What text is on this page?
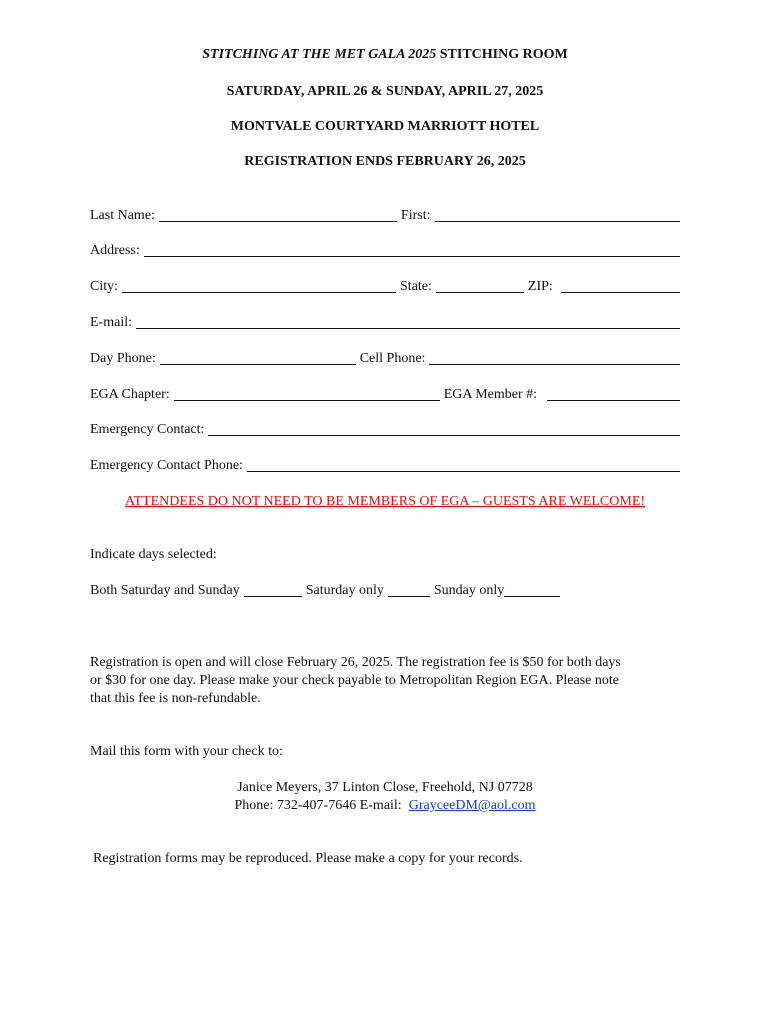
STITCHING AT THE MET GALA 2025 STITCHING ROOM
SATURDAY, APRIL 26 & SUNDAY, APRIL 27, 2025
MONTVALE COURTYARD MARRIOTT HOTEL
REGISTRATION ENDS FEBRUARY 26, 2025
Last Name:	First:
Address:
City:	State:	ZIP:
E-mail:
Day Phone:	Cell Phone:
EGA Chapter:	EGA Member #:
Emergency Contact:
Emergency Contact Phone:
ATTENDEES DO NOT NEED TO BE MEMBERS OF EGA – GUESTS ARE WELCOME!
Indicate days selected:
Both Saturday and Sunday	Saturday only	Sunday only
Registration is open and will close February 26, 2025. The registration fee is $50 for both days
or $30 for one day. Please make your check payable to Metropolitan Region EGA. Please note
that this fee is non-refundable.
Mail this form with your check to:
Janice Meyers, 37 Linton Close, Freehold, NJ 07728
Phone: 732-407-7646 E-mail:  GrayceeDM@aol.com
Registration forms may be reproduced. Please make a copy for your records.
